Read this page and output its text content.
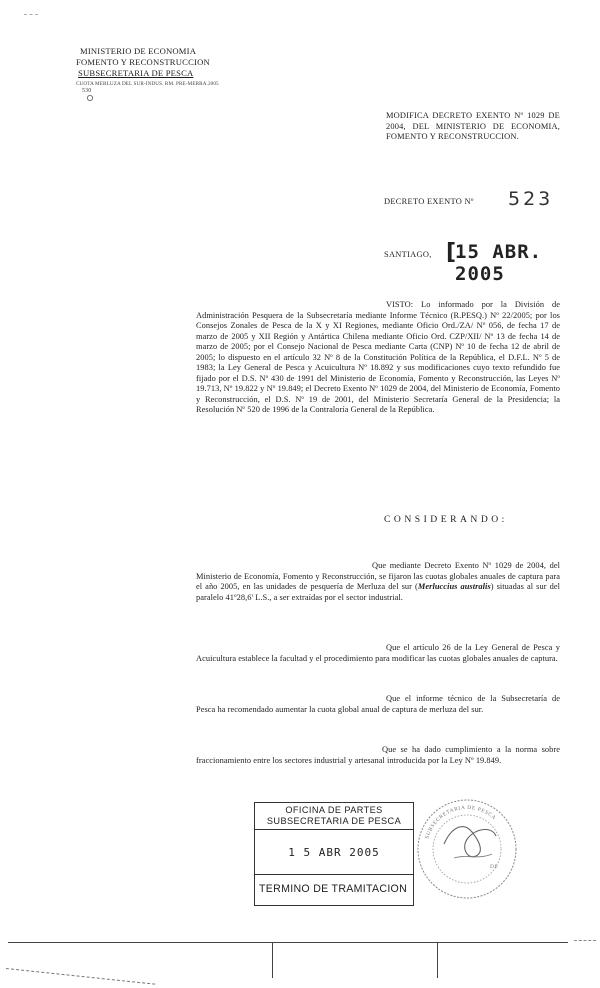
MINISTERIO DE ECONOMIA
FOMENTO Y RECONSTRUCCION
SUBSECRETARIA DE PESCA
CUOTA MERLUZA DEL SUR-INDUS. RM. PRE-MERRA.2005
530
MODIFICA DECRETO EXENTO Nº 1029 DE 2004, DEL MINISTERIO DE ECONOMIA, FOMENTO Y RECONSTRUCCION.
DECRETO EXENTO Nº 523
SANTIAGO, [
15 ABR. 2005
VISTO: Lo informado por la División de Administración Pesquera de la Subsecretaría mediante Informe Técnico (R.PESQ.) Nº 22/2005; por los Consejos Zonales de Pesca de la X y XI Regiones, mediante Oficio Ord./ZA/ Nº 056, de fecha 17 de marzo de 2005 y XII Región y Antártica Chilena mediante Oficio Ord. CZP/XII/ Nº 13 de fecha 14 de marzo de 2005; por el Consejo Nacional de Pesca mediante Carta (CNP) Nº 10 de fecha 12 de abril de 2005; lo dispuesto en el artículo 32 Nº 8 de la Constitución Política de la República, el D.F.L. Nº 5 de 1983; la Ley General de Pesca y Acuicultura Nº 18.892 y sus modificaciones cuyo texto refundido fue fijado por el D.S. Nº 430 de 1991 del Ministerio de Economía, Fomento y Reconstrucción, las Leyes Nº 19.713, Nº 19.822 y Nº 19.849; el Decreto Exento Nº 1029 de 2004, del Ministerio de Economía, Fomento y Reconstrucción, el D.S. Nº 19 de 2001, del Ministerio Secretaría General de la Presidencia; la Resolución Nº 520 de 1996 de la Contraloría General de la República.
CONSIDERANDO:
Que mediante Decreto Exento Nº 1029 de 2004, del Ministerio de Economía, Fomento y Reconstrucción, se fijaron las cuotas globales anuales de captura para el año 2005, en las unidades de pesquería de Merluza del sur (Merluccius australis) situadas al sur del paralelo 41º28,6' L.S., a ser extraídas por el sector industrial.
Que el artículo 26 de la Ley General de Pesca y Acuicultura establece la facultad y el procedimiento para modificar las cuotas globales anuales de captura.
Que el informe técnico de la Subsecretaría de Pesca ha recomendado aumentar la cuota global anual de captura de merluza del sur.
Que se ha dado cumplimiento a la norma sobre fraccionamiento entre los sectores industrial y artesanal introducida por la Ley Nº 19.849.
OFICINA DE PARTES
SUBSECRETARIA DE PESCA
1 5 ABR 2005
TERMINO DE TRAMITACION
SUBSECRETARIA DE PESCA
DE
